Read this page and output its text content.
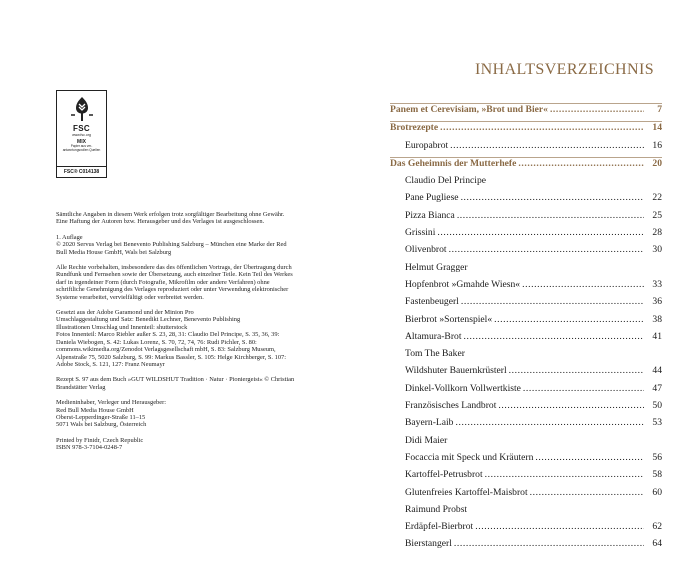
FSC
www.fsc.org
MIX
Papier aus ver-antwortungsvollen Quellen
FSC® C014138

Sämtliche Angaben in diesem Werk erfolgen trotz sorgfältiger Bearbeitung ohne Gewähr. Eine Haftung der Autoren bzw. Herausgeber und des Verlages ist ausgeschlossen.

1. Auflage
© 2020 Servus Verlag bei Benevento Publishing Salzburg – München eine Marke der Red Bull Media House GmbH, Wals bei Salzburg

Alle Rechte vorbehalten, insbesondere das des öffentlichen Vortrags, der Übertragung durch Rundfunk und Fernsehen sowie der Übersetzung, auch einzelner Teile. Kein Teil des Werkes darf in irgendeiner Form (durch Fotografie, Mikrofilm oder andere Verfahren) ohne schriftliche Genehmigung des Verlages reproduziert oder unter Verwendung elektronischer Systeme verarbeitet, vervielfältigt oder verbreitet werden.

Gesetzt aus der Adobe Garamond und der Minion Pro
Umschlaggestaltung und Satz: Benedikt Lechner, Benevento Publishing
Illustrationen Umschlag und Innenteil: shutterstock
Fotos Innenteil: Marco Riebler außer S. 23, 28, 31: Claudio Del Principe, S. 35, 36, 39: Daniela Wiebogen, S. 42: Lukas Lorenz, S. 70, 72, 74, 76: Rudi Pichler, S. 80: commons.wikimedia.org/Zenodot Verlagsgesellschaft mbH, S. 83: Salzburg Museum, Alpenstraße 75, 5020 Salzburg, S. 99: Markus Bassler, S. 105: Helge Kirchberger, S. 107: Adobe Stock, S. 121, 127: Franz Neumayr

Rezept S. 97 aus dem Buch »GUT WILDSHUT Tradition · Natur · Pioniergeist« © Christian Brandstätter Verlag

Medieninhaber, Verleger und Herausgeber:
Red Bull Media House GmbH
Oberst-Lepperdinger-Straße 11–15
5071 Wals bei Salzburg, Österreich

Printed by Finidr, Czech Republic
ISBN 978-3-7104-0248-7

INHALTSVERZEICHNIS
Panem et Cerevisiam, »Brot und Bier« .....	7
Brotrezepte .....	14
Europabrot .....	16
Das Geheimnis der Mutterhefe .....	20
Claudio Del Principe
Pane Pugliese .....	22
Pizza Bianca .....	25
Grissini .....	28
Olivenbrot .....	30
Helmut Gragger
Hopfenbrot »Gmahde Wiesn« .....	33
Fastenbeugerl .....	36
Bierbrot »Sortenspiel« .....	38
Altamura-Brot .....	41
Tom The Baker
Wildshuter Bauernkrüsterl .....	44
Dinkel-Vollkorn Vollwertkiste .....	47
Französisches Landbrot .....	50
Bayern-Laib .....	53
Didi Maier
Focaccia mit Speck und Kräutern .....	56
Kartoffel-Petrusbrot .....	58
Glutenfreies Kartoffel-Maisbrot .....	60
Raimund Probst
Erdäpfel-Bierbrot .....	62
Bierstangerl .....	64
